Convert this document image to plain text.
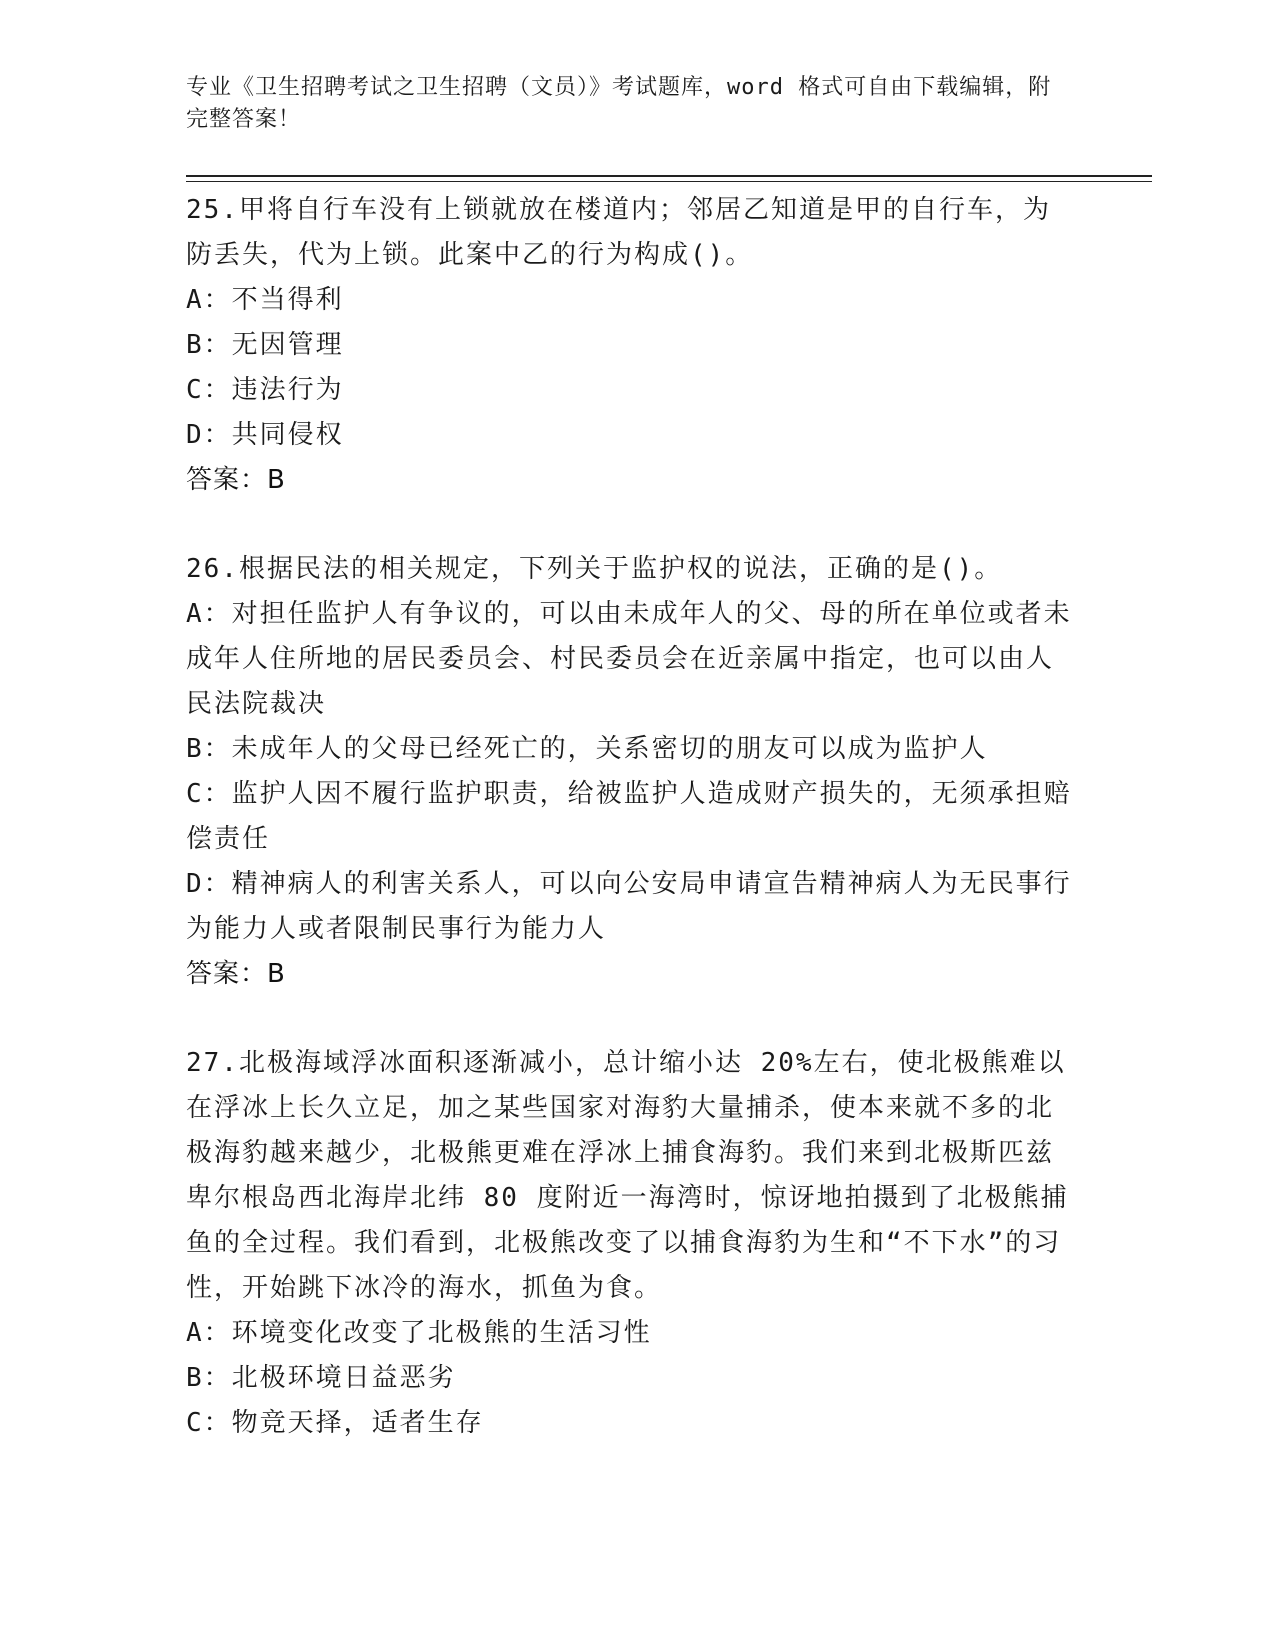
专业《卫生招聘考试之卫生招聘（文员）》考试题库，word 格式可自由下载编辑，附完整答案！
25.甲将自行车没有上锁就放在楼道内；邻居乙知道是甲的自行车，为防丢失，代为上锁。此案中乙的行为构成()。
A：不当得利
B：无因管理
C：违法行为
D：共同侵权
答案：B
26.根据民法的相关规定，下列关于监护权的说法，正确的是()。
A：对担任监护人有争议的，可以由未成年人的父、母的所在单位或者未成年人住所地的居民委员会、村民委员会在近亲属中指定，也可以由人民法院裁决
B：未成年人的父母已经死亡的，关系密切的朋友可以成为监护人
C：监护人因不履行监护职责，给被监护人造成财产损失的，无须承担赔偿责任
D：精神病人的利害关系人，可以向公安局申请宣告精神病人为无民事行为能力人或者限制民事行为能力人
答案：B
27.北极海域浮冰面积逐渐减小，总计缩小达 20%左右，使北极熊难以在浮冰上长久立足，加之某些国家对海豹大量捕杀，使本来就不多的北极海豹越来越少，北极熊更难在浮冰上捕食海豹。我们来到北极斯匹兹卑尔根岛西北海岸北纬 80 度附近一海湾时，惊讶地拍摄到了北极熊捕鱼的全过程。我们看到，北极熊改变了以捕食海豹为生和“不下水”的习性，开始跳下冰冷的海水，抓鱼为食。
A：环境变化改变了北极熊的生活习性
B：北极环境日益恶劣
C：物竞天择，适者生存
